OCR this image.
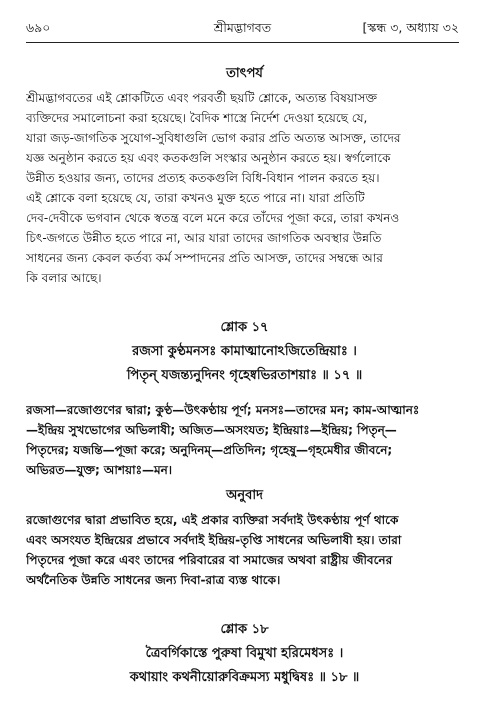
৬৯০	শ্রীমদ্ভাগবত	[স্কন্ধ ৩, অধ্যায় ৩২
তাৎপর্য
শ্রীমদ্ভাগবতের এই শ্লোকটিতে এবং পরবর্তী ছয়টি শ্লোকে, অত্যন্ত বিষয়াসক্ত
ব্যক্তিদের সমালোচনা করা হয়েছে। বৈদিক শাস্ত্রে নির্দেশ দেওয়া হয়েছে যে,
যারা জড়-জাগতিক সুযোগ-সুবিধাগুলি ভোগ করার প্রতি অত্যন্ত আসক্ত, তাদের
যজ্ঞ অনুষ্ঠান করতে হয় এবং কতকগুলি সংস্কার অনুষ্ঠান করতে হয়। স্বর্গলোকে
উন্নীত হওয়ার জন্য, তাদের প্রত্যহ কতকগুলি বিধি-বিধান পালন করতে হয়।
এই শ্লোকে বলা হয়েছে যে, তারা কখনও মুক্ত হতে পারে না। যারা প্রতিটি
দেব-দেবীকে ভগবান থেকে স্বতন্ত্র বলে মনে করে তাঁদের পূজা করে, তারা কখনও
চিৎ-জগতে উন্নীত হতে পারে না, আর যারা তাদের জাগতিক অবস্থার উন্নতি
সাধনের জন্য কেবল কর্তব্য কর্ম সম্পাদনের প্রতি আসক্ত, তাদের সম্বন্ধে আর
কি বলার আছে।
শ্লোক ১৭
রজসা কুণ্ঠমনসঃ কামাত্মানোঽজিতেন্দ্রিয়াঃ ।
পিতৃন্ যজন্ত্যনুদিনং গৃহেষ্বভিরতাশয়াঃ ॥ ১৭ ॥
রজসা—রজোগুণের দ্বারা; কুণ্ঠ—উৎকণ্ঠায় পূর্ণ; মনসঃ—তাদের মন; কাম-আত্মানঃ
—ইন্দ্রিয় সুখভোগের অভিলাষী; অজিত—অসংযত; ইন্দ্রিয়াঃ—ইন্দ্রিয়; পিতৃন্—
পিতৃদের; যজন্তি—পূজা করে; অনুদিনম্—প্রতিদিন; গৃহেষু—গৃহমেধীর জীবনে;
অভিরত—যুক্ত; আশয়াঃ—মন।
অনুবাদ
রজোগুণের দ্বারা প্রভাবিত হয়ে, এই প্রকার ব্যক্তিরা সর্বদাই উৎকণ্ঠায় পূর্ণ থাকে
এবং অসংযত ইন্দ্রিয়ের প্রভাবে সর্বদাই ইন্দ্রিয়-তৃপ্তি সাধনের অভিলাষী হয়। তারা
পিতৃদের পূজা করে এবং তাদের পরিবারের বা সমাজের অথবা রাষ্ট্রীয় জীবনের
অর্থনৈতিক উন্নতি সাধনের জন্য দিবা-রাত্র ব্যস্ত থাকে।
শ্লোক ১৮
ত্রৈবর্গিকাস্তে পুরুষা বিমুখা হরিমেধসঃ ।
কথায়াং কথনীয়োরুবিক্রমস্য মধুদ্বিষঃ ॥ ১৮ ॥
